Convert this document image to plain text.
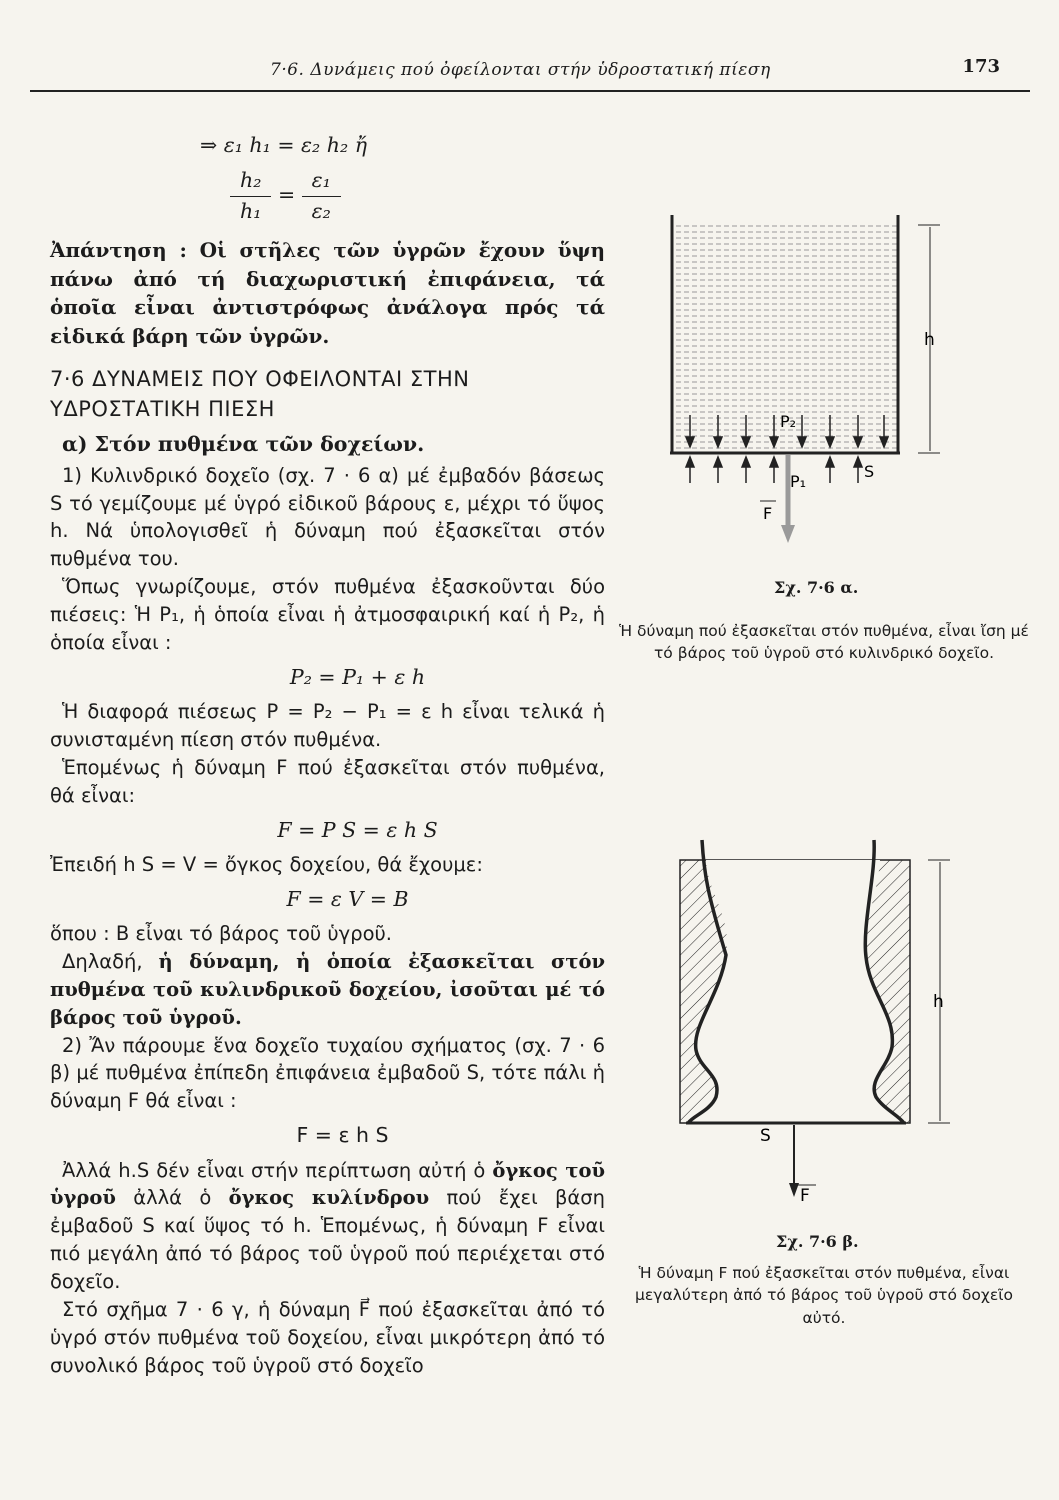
7·6. Δυνάμεις πού ὀφείλονται στήν ὑδροστατική πίεση	173
⇒ ε₁ h₁ = ε₂ h₂ ἤ
$\frac{\text{h₂}}{\text{h₁}} = \frac{\text{ε₁}}{\text{ε₂}}$

Ἀπάντηση : Οἱ στῆλες τῶν ὑγρῶν ἔχουν ὕψη πάνω ἀπό τή διαχωριστική ἐπιφάνεια, τά ὁποῖα εἶναι ἀντιστρόφως ἀνάλογα πρός τά εἰδικά βάρη τῶν ὑγρῶν.

7·6 ΔΥΝΑΜΕΙΣ ΠΟΥ ΟΦΕΙΛΟΝΤΑΙ ΣΤΗΝ ΥΔΡΟΣΤΑΤΙΚΗ ΠΙΕΣΗ
α) Στόν πυθμένα τῶν δοχείων.

1) Κυλινδρικό δοχεῖο (σχ. 7 · 6 α) μέ ἐμβαδόν βάσεως S τό γεμίζουμε μέ ὑγρό εἰδικοῦ βάρους ε, μέχρι τό ὕψος h. Νά ὑπολογισθεῖ ἡ δύναμη πού ἐξασκεῖται στόν πυθμένα του.

Ὅπως γνωρίζουμε, στόν πυθμένα ἐξασκοῦνται δύο πιέσεις: Ἡ P₁, ἡ ὁποία εἶναι ἡ ἀτμοσφαιρική καί ἡ P₂, ἡ ὁποία εἶναι :

P₂ = P₁ + ε h

Ἡ διαφορά πιέσεως P = P₂ − P₁ = ε h εἶναι τελικά ἡ συνισταμένη πίεση στόν πυθμένα.

Ἑπομένως ἡ δύναμη F πού ἐξασκεῖται στόν πυθμένα, θά εἶναι:

F = P S = ε h S

Ἐπειδή h S = V = ὄγκος δοχείου, θά ἔχουμε:

F = ε V = B

ὅπου : B εἶναι τό βάρος τοῦ ὑγροῦ.

Δηλαδή, ἡ δύναμη, ἡ ὁποία ἐξασκεῖται στόν πυθμένα τοῦ κυλινδρικοῦ δοχείου, ἰσοῦται μέ τό βάρος τοῦ ὑγροῦ.

2) Ἄν πάρουμε ἕνα δοχεῖο τυχαίου σχήματος (σχ. 7 · 6 β) μέ πυθμένα ἐπίπεδη ἐπιφάνεια ἐμβαδοῦ S, τότε πάλι ἡ δύναμη F θά εἶναι :

F = ε h S

Ἀλλά h.S δέν εἶναι στήν περίπτωση αὐτή ὁ ὄγκος τοῦ ὑγροῦ ἀλλά ὁ ὄγκος κυλίνδρου πού ἔχει βάση ἐμβαδοῦ S καί ὕψος τό h. Ἑπομένως, ἡ δύναμη F εἶναι πιό μεγάλη ἀπό τό βάρος τοῦ ὑγροῦ πού περιέχεται στό δοχεῖο.

Στό σχῆμα 7 · 6 γ, ἡ δύναμη F⃗ πού ἐξασκεῖται ἀπό τό ὑγρό στόν πυθμένα τοῦ δοχείου, εἶναι μικρότερη ἀπό τό συνολικό βάρος τοῦ ὑγροῦ στό δοχεῖο

h
P₂
P₁
S
F
Σχ. 7·6 α.
Ἡ δύναμη πού ἐξασκεῖται στόν πυθμένα, εἶναι ἴση μέ τό βάρος τοῦ ὑγροῦ στό κυλινδρικό δοχεῖο.
h
S
F
Σχ. 7·6 β.
Ἡ δύναμη F πού ἐξασκεῖται στόν πυθμένα, εἶναι μεγαλύτερη ἀπό τό βάρος τοῦ ὑγροῦ στό δοχεῖο αὐτό.
